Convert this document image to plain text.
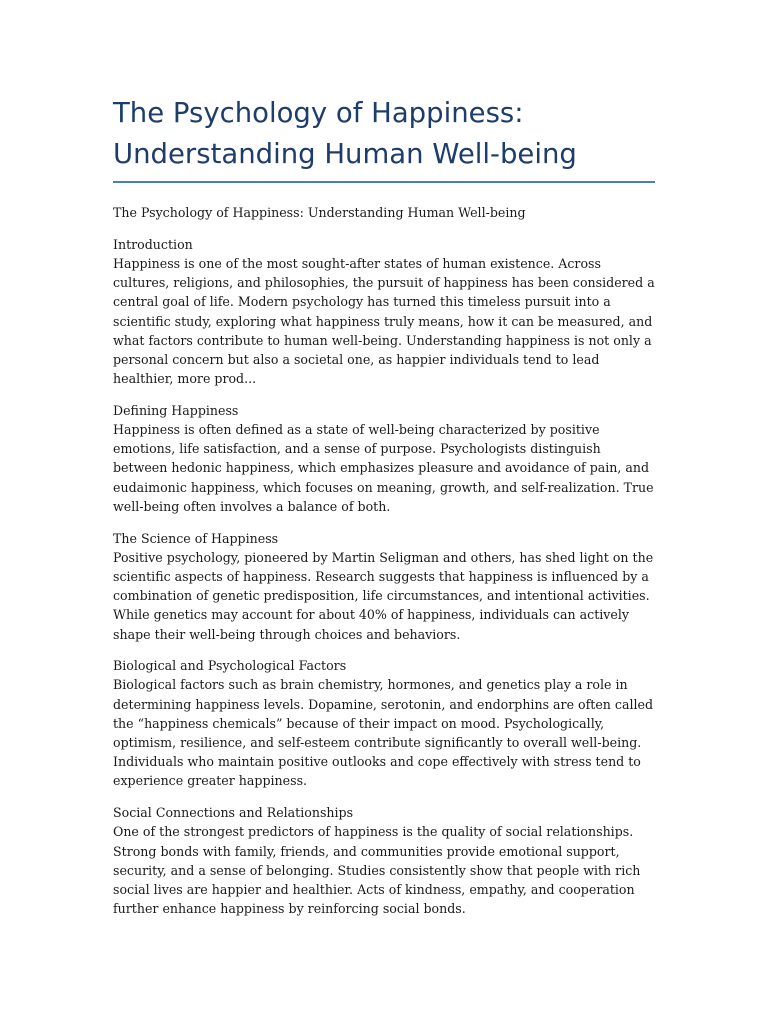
The Psychology of Happiness:
Understanding Human Well-being
The Psychology of Happiness: Understanding Human Well-being
Introduction
Happiness is one of the most sought-after states of human existence. Across cultures, religions, and philosophies, the pursuit of happiness has been considered a central goal of life. Modern psychology has turned this timeless pursuit into a scientific study, exploring what happiness truly means, how it can be measured, and what factors contribute to human well-being. Understanding happiness is not only a personal concern but also a societal one, as happier individuals tend to lead healthier, more prod...
Defining Happiness
Happiness is often defined as a state of well-being characterized by positive emotions, life satisfaction, and a sense of purpose. Psychologists distinguish between hedonic happiness, which emphasizes pleasure and avoidance of pain, and eudaimonic happiness, which focuses on meaning, growth, and self-realization. True well-being often involves a balance of both.
The Science of Happiness
Positive psychology, pioneered by Martin Seligman and others, has shed light on the scientific aspects of happiness. Research suggests that happiness is influenced by a combination of genetic predisposition, life circumstances, and intentional activities. While genetics may account for about 40% of happiness, individuals can actively shape their well-being through choices and behaviors.
Biological and Psychological Factors
Biological factors such as brain chemistry, hormones, and genetics play a role in determining happiness levels. Dopamine, serotonin, and endorphins are often called the “happiness chemicals” because of their impact on mood. Psychologically, optimism, resilience, and self-esteem contribute significantly to overall well-being. Individuals who maintain positive outlooks and cope effectively with stress tend to experience greater happiness.
Social Connections and Relationships
One of the strongest predictors of happiness is the quality of social relationships. Strong bonds with family, friends, and communities provide emotional support, security, and a sense of belonging. Studies consistently show that people with rich social lives are happier and healthier. Acts of kindness, empathy, and cooperation further enhance happiness by reinforcing social bonds.
